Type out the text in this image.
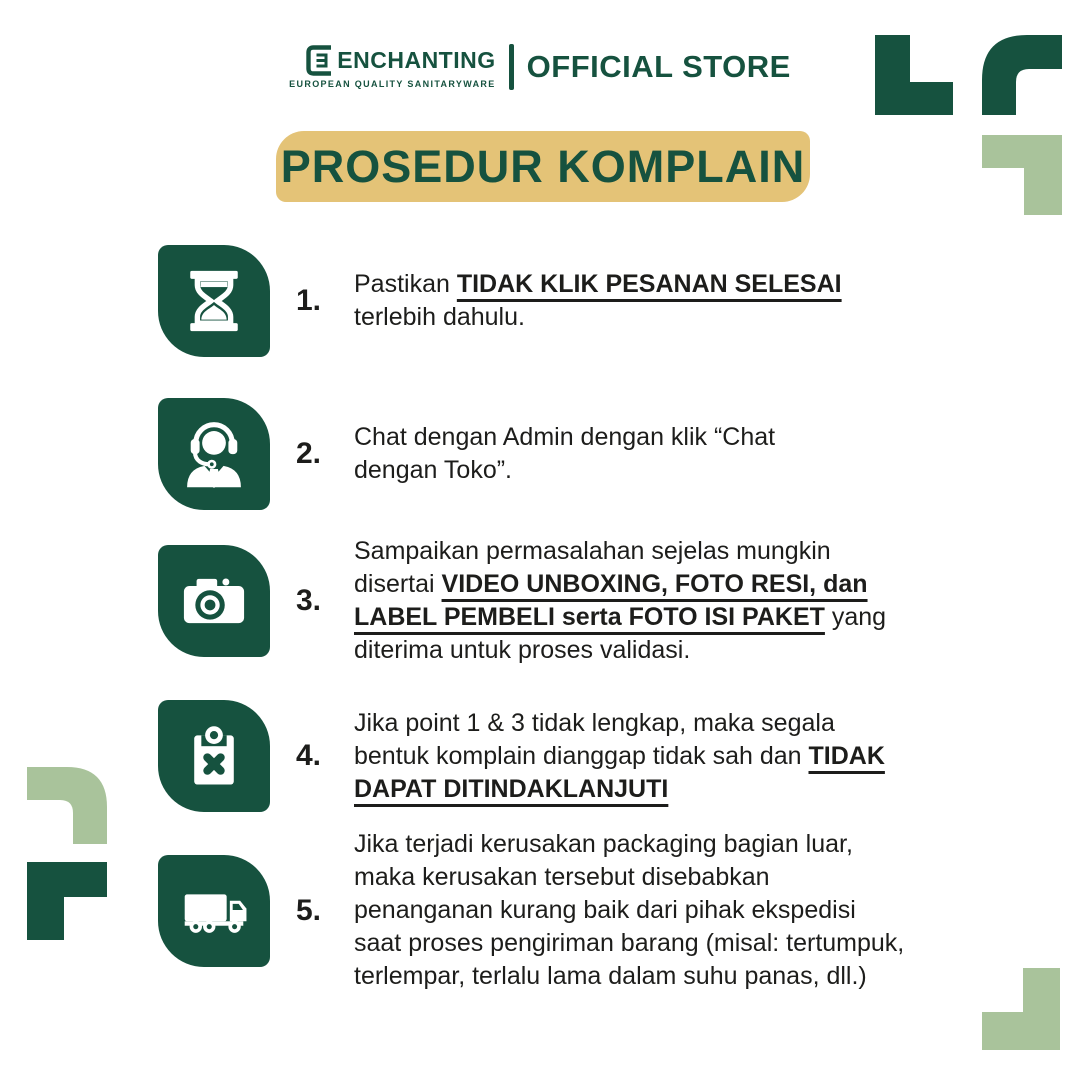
ENCHANTING
EUROPEAN QUALITY SANITARYWARE OFFICIAL STORE
PROSEDUR KOMPLAIN
1.	Pastikan TIDAK KLIK PESANAN SELESAI
terlebih dahulu.
2.	Chat dengan Admin dengan klik “Chat
dengan Toko”.
3.
Sampaikan permasalahan sejelas mungkin
disertai VIDEO UNBOXING, FOTO RESI, dan
LABEL PEMBELI serta FOTO ISI PAKET yang
diterima untuk proses validasi.
4.
Jika point 1 & 3 tidak lengkap, maka segala
bentuk komplain dianggap tidak sah dan TIDAK
DAPAT DITINDAKLANJUTI
5.
Jika terjadi kerusakan packaging bagian luar,
maka kerusakan tersebut disebabkan
penanganan kurang baik dari pihak ekspedisi
saat proses pengiriman barang (misal: tertumpuk,
terlempar, terlalu lama dalam suhu panas, dll.)
